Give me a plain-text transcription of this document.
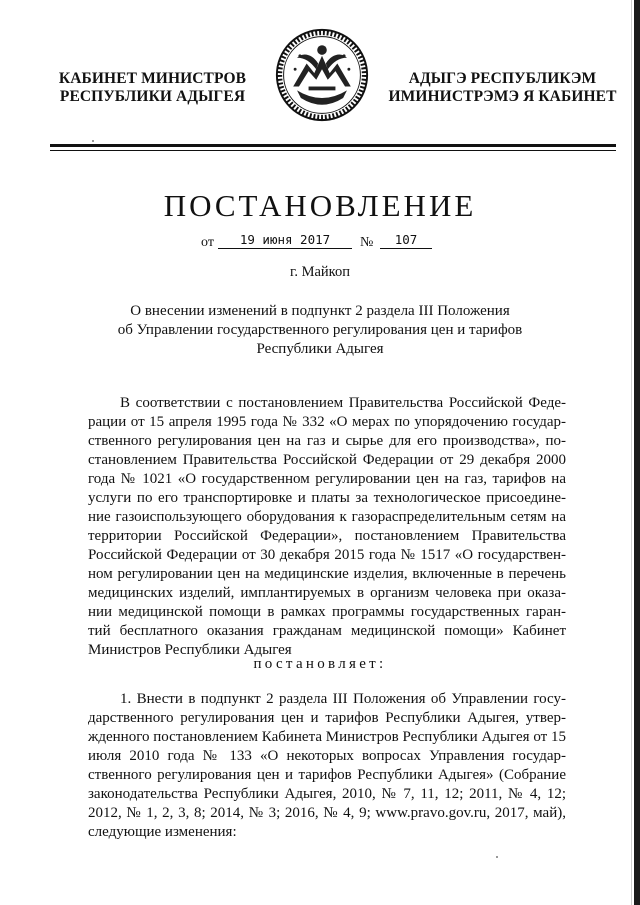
КАБИНЕТ МИНИСТРОВ
РЕСПУБЛИКИ АДЫГЕЯ
АДЫГЭ РЕСПУБЛИКЭМ
ИМИНИСТРЭМЭ Я КАБИНЕТ
ПОСТАНОВЛЕНИЕ
от	19 июня 2017	№	107
г. Майкоп
О внесении изменений в подпункт 2 раздела III Положения
об Управлении государственного регулирования цен и тарифов
Республики Адыгея
В соответствии с постановлением Правительства Российской Феде-
рации от 15 апреля 1995 года № 332 «О мерах по упорядочению государ-
ственного регулирования цен на газ и сырье для его производства», по-
становлением Правительства Российской Федерации от 29 декабря 2000
года № 1021 «О государственном регулировании цен на газ, тарифов на
услуги по его транспортировке и платы за технологическое присоедине-
ние газоиспользующего оборудования к газораспределительным сетям на
территории Российской Федерации», постановлением Правительства
Российской Федерации от 30 декабря 2015 года № 1517 «О государствен-
ном регулировании цен на медицинские изделия, включенные в перечень
медицинских изделий, имплантируемых в организм человека при оказа-
нии медицинской помощи в рамках программы государственных гаран-
тий бесплатного оказания гражданам медицинской помощи» Кабинет
Министров Республики Адыгея
постановляет:
1. Внести в подпункт 2 раздела III Положения об Управлении госу-
дарственного регулирования цен и тарифов Республики Адыгея, утвер-
жденного постановлением Кабинета Министров Республики Адыгея от 15
июля 2010 года № 133 «О некоторых вопросах Управления государ-
ственного регулирования цен и тарифов Республики Адыгея» (Собрание
законодательства Республики Адыгея, 2010, № 7, 11, 12; 2011, № 4, 12;
2012, № 1, 2, 3, 8; 2014, № 3; 2016, № 4, 9; www.pravo.gov.ru, 2017, май),
следующие изменения:
